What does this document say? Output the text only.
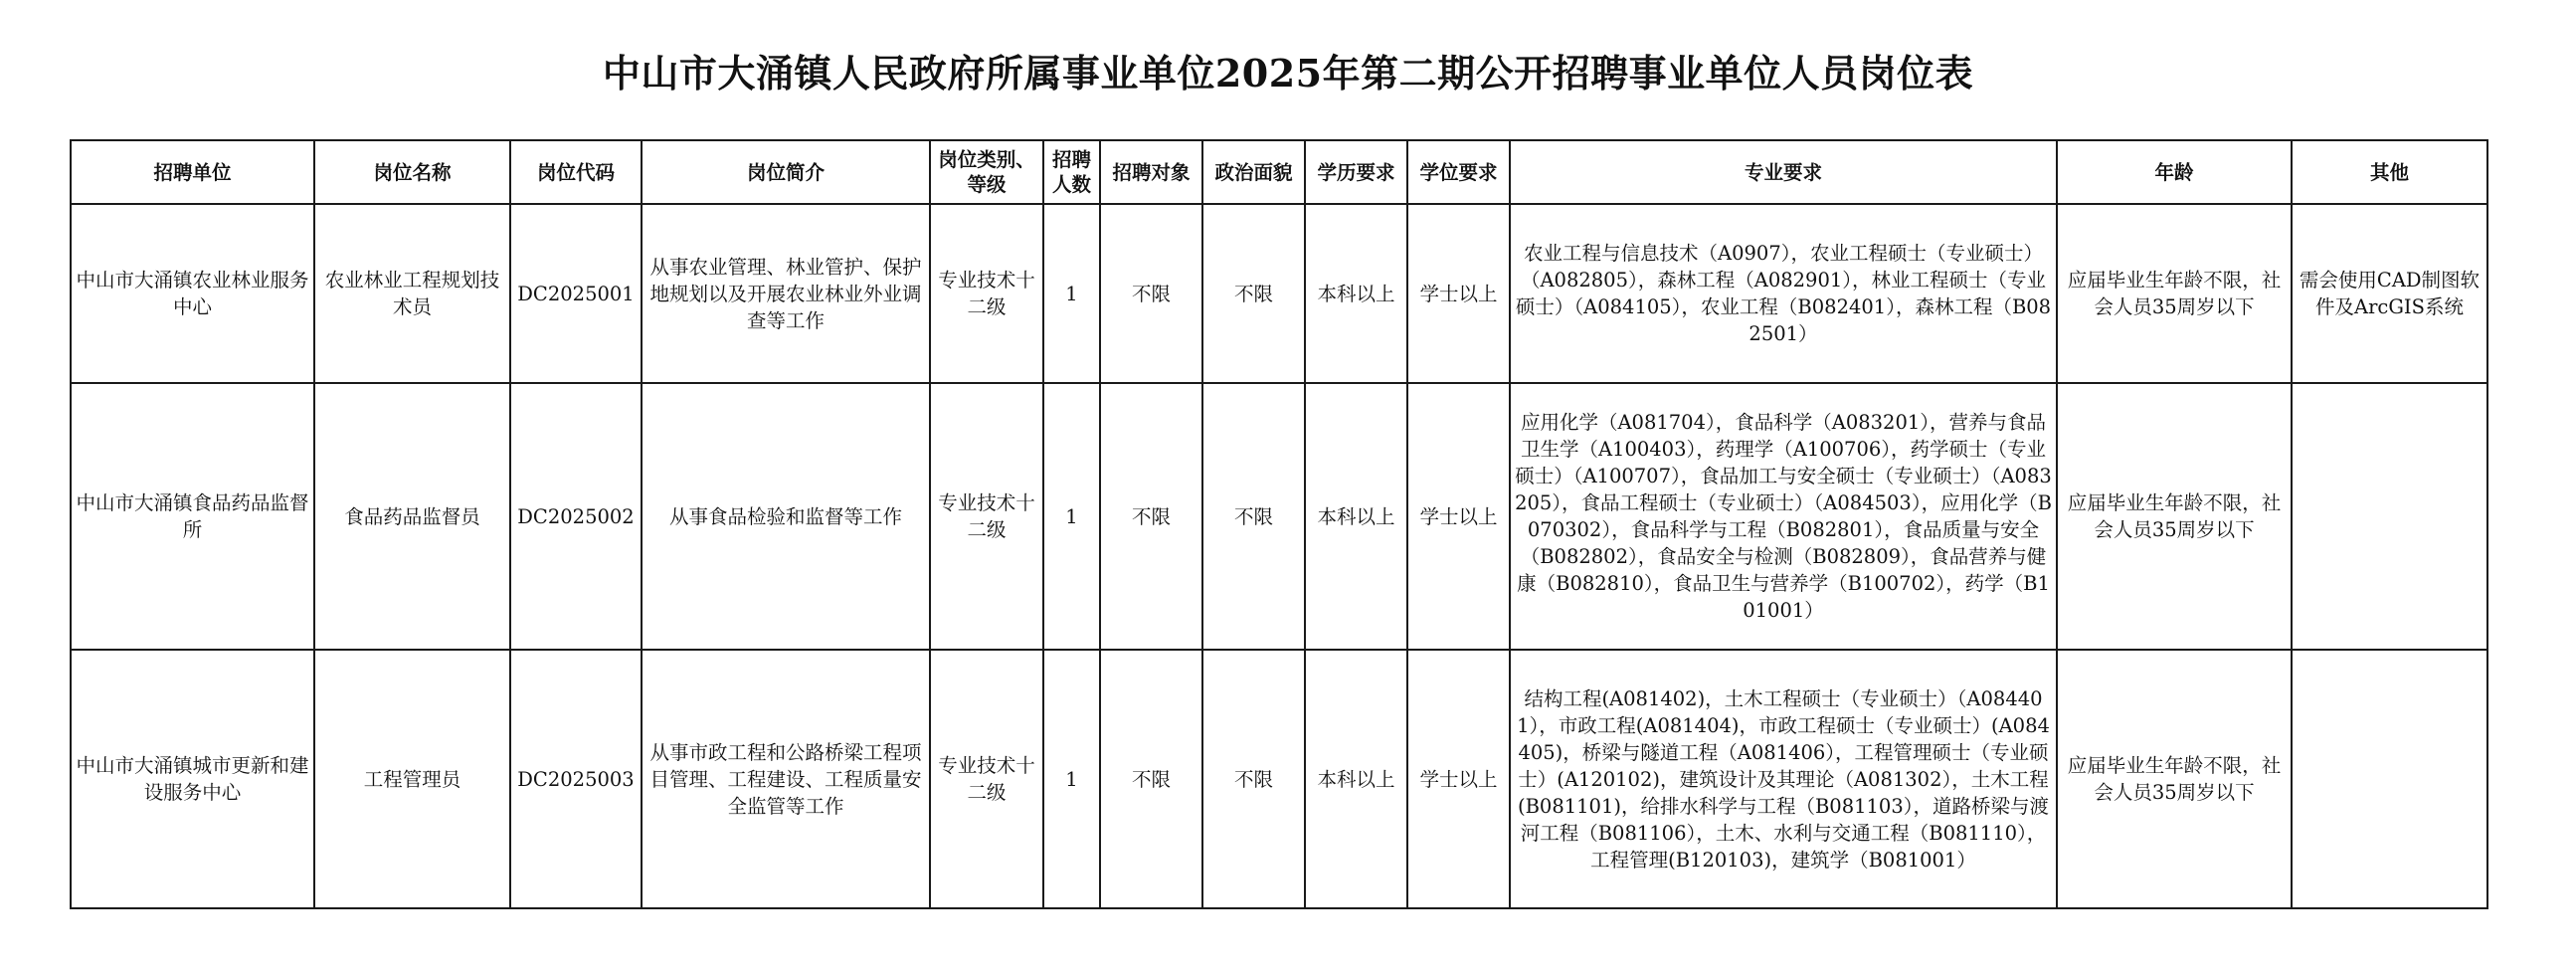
中山市大涌镇人民政府所属事业单位2025年第二期公开招聘事业单位人员岗位表
招聘单位	岗位名称	岗位代码	岗位简介	岗位类别、等级	招聘人数	招聘对象	政治面貌	学历要求	学位要求	专业要求	年龄	其他
中山市大涌镇农业林业服务中心	农业林业工程规划技术员	DC2025001	从事农业管理、林业管护、保护地规划以及开展农业林业外业调查等工作	专业技术十二级	1	不限	不限	本科以上	学士以上	农业工程与信息技术（A0907），农业工程硕士（专业硕士）（A082805），森林工程（A082901），林业工程硕士（专业硕士）（A084105），农业工程（B082401），森林工程（B082501）	应届毕业生年龄不限，社会人员35周岁以下	需会使用CAD制图软件及ArcGIS系统
中山市大涌镇食品药品监督所	食品药品监督员	DC2025002	从事食品检验和监督等工作	专业技术十二级	1	不限	不限	本科以上	学士以上	应用化学（A081704），食品科学（A083201），营养与食品卫生学（A100403），药理学（A100706），药学硕士（专业硕士）（A100707），食品加工与安全硕士（专业硕士）（A083205），食品工程硕士（专业硕士）（A084503），应用化学（B070302），食品科学与工程（B082801），食品质量与安全（B082802），食品安全与检测（B082809），食品营养与健康（B082810），食品卫生与营养学（B100702），药学（B101001）	应届毕业生年龄不限，社会人员35周岁以下	
中山市大涌镇城市更新和建设服务中心	工程管理员	DC2025003	从事市政工程和公路桥梁工程项目管理、工程建设、工程质量安全监管等工作	专业技术十二级	1	不限	不限	本科以上	学士以上	结构工程(A081402)，土木工程硕士（专业硕士）（A084401），市政工程(A081404)，市政工程硕士（专业硕士）(A084405)，桥梁与隧道工程（A081406），工程管理硕士（专业硕士）(A120102)，建筑设计及其理论（A081302），土木工程(B081101)，给排水科学与工程（B081103），道路桥梁与渡河工程（B081106），土木、水利与交通工程（B081110），工程管理(B120103)，建筑学（B081001）	应届毕业生年龄不限，社会人员35周岁以下	
